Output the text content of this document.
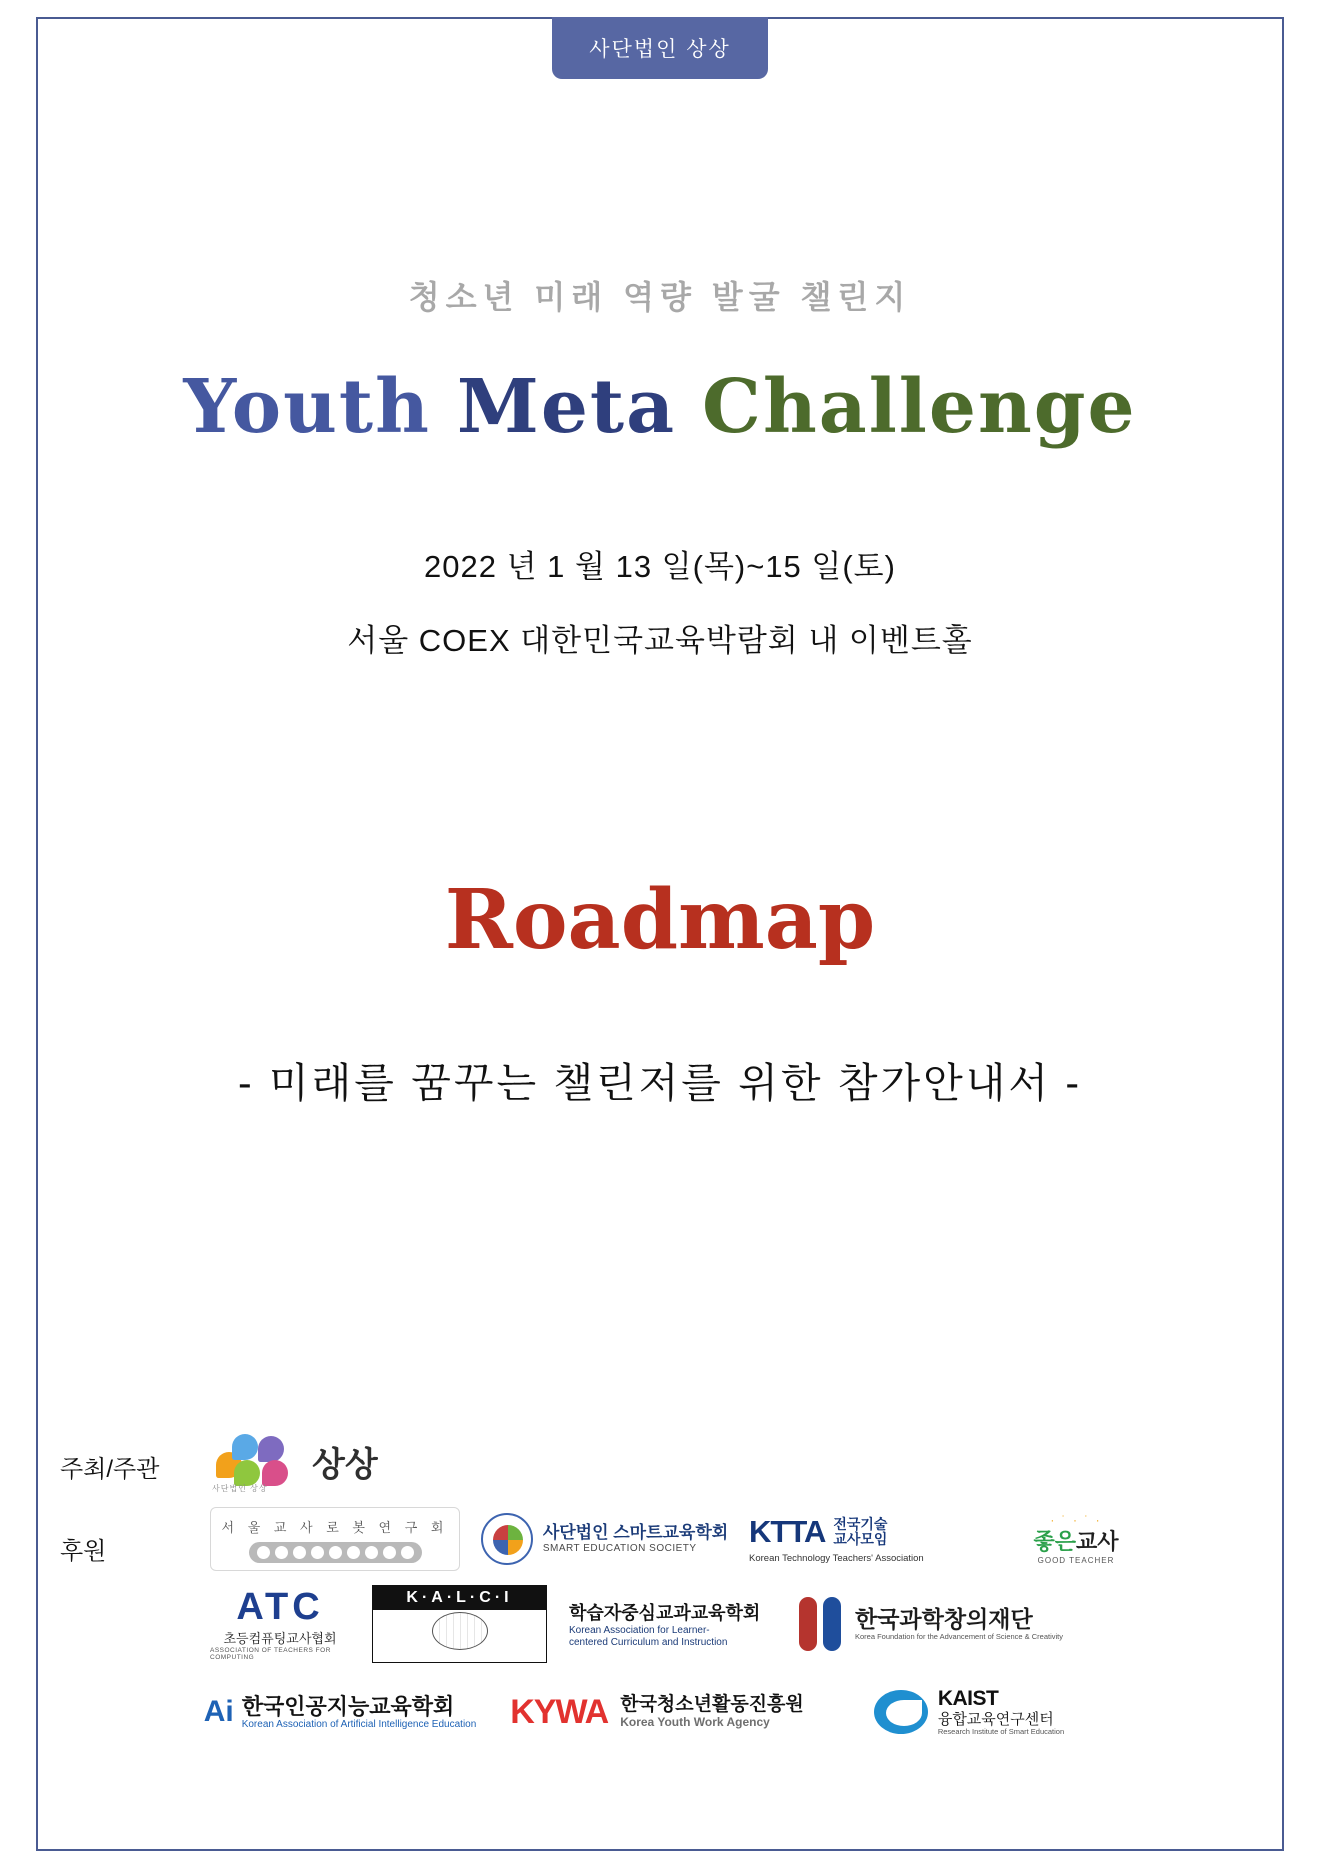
사단법인 상상
청소년 미래 역량 발굴 챌린지
Youth Meta Challenge
2022 년 1 월 13 일(목)~15 일(토)
서울 COEX 대한민국교육박람회 내 이벤트홀
Roadmap
- 미래를 꿈꾸는 챌린저를 위한 참가안내서 -
주최/주관
사단법인 상상
상상
후원
서 울 교 사 로 봇 연 구 회	사단법인 스마트교육학회
SMART EDUCATION SOCIETY	KTTA 전국기술
교사모임
Korean Technology Teachers' Association
· ˙ · ˙ ·
좋은교사
GOOD TEACHER
ATC
초등컴퓨팅교사협회
ASSOCIATION OF TEACHERS FOR COMPUTING
K·A·L·C·I
학습자중심교과교육학회
Korean Association for Learner-
centered Curriculum and Instruction
한국과학창의재단
Korea Foundation for the Advancement of Science & Creativity
Ai 한국인공지능교육학회
Korean Association of Artificial Intelligence Education KYWA 한국청소년활동진흥원
Korea Youth Work Agency
KAIST
융합교육연구센터
Research Institute of Smart Education
